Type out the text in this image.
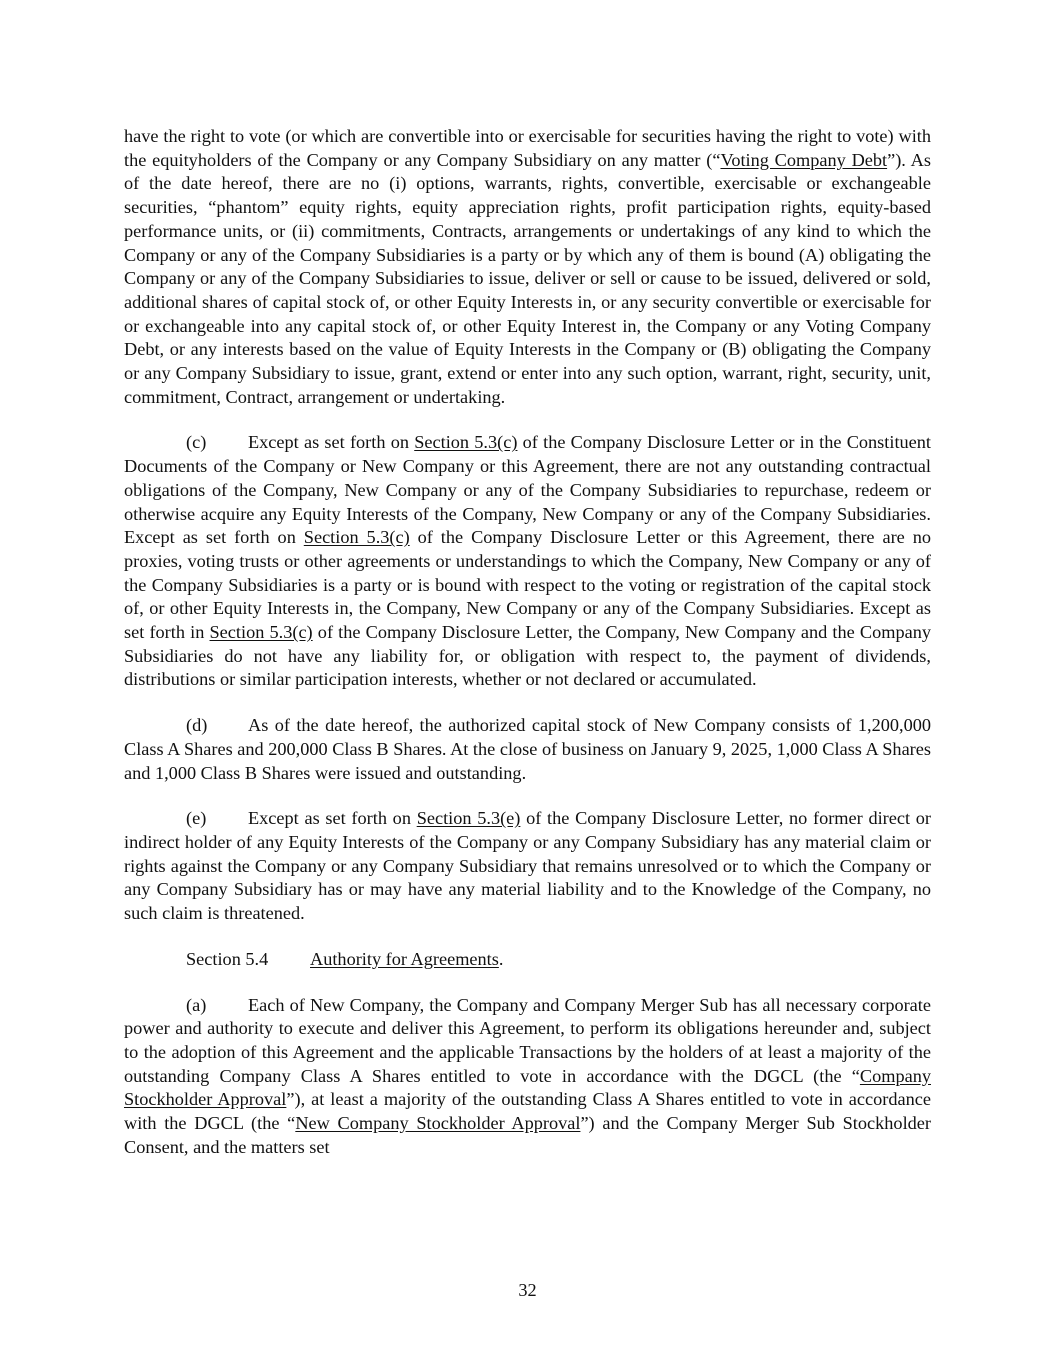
have the right to vote (or which are convertible into or exercisable for securities having the right to vote) with the equityholders of the Company or any Company Subsidiary on any matter (“Voting Company Debt”). As of the date hereof, there are no (i) options, warrants, rights, convertible, exercisable or exchangeable securities, “phantom” equity rights, equity appreciation rights, profit participation rights, equity-based performance units, or (ii) commitments, Contracts, arrangements or undertakings of any kind to which the Company or any of the Company Subsidiaries is a party or by which any of them is bound (A) obligating the Company or any of the Company Subsidiaries to issue, deliver or sell or cause to be issued, delivered or sold, additional shares of capital stock of, or other Equity Interests in, or any security convertible or exercisable for or exchangeable into any capital stock of, or other Equity Interest in, the Company or any Voting Company Debt, or any interests based on the value of Equity Interests in the Company or (B) obligating the Company or any Company Subsidiary to issue, grant, extend or enter into any such option, warrant, right, security, unit, commitment, Contract, arrangement or undertaking.

(c) Except as set forth on Section 5.3(c) of the Company Disclosure Letter or in the Constituent Documents of the Company or New Company or this Agreement, there are not any outstanding contractual obligations of the Company, New Company or any of the Company Subsidiaries to repurchase, redeem or otherwise acquire any Equity Interests of the Company, New Company or any of the Company Subsidiaries. Except as set forth on Section 5.3(c) of the Company Disclosure Letter or this Agreement, there are no proxies, voting trusts or other agreements or understandings to which the Company, New Company or any of the Company Subsidiaries is a party or is bound with respect to the voting or registration of the capital stock of, or other Equity Interests in, the Company, New Company or any of the Company Subsidiaries. Except as set forth in Section 5.3(c) of the Company Disclosure Letter, the Company, New Company and the Company Subsidiaries do not have any liability for, or obligation with respect to, the payment of dividends, distributions or similar participation interests, whether or not declared or accumulated.

(d) As of the date hereof, the authorized capital stock of New Company consists of 1,200,000 Class A Shares and 200,000 Class B Shares. At the close of business on January 9, 2025, 1,000 Class A Shares and 1,000 Class B Shares were issued and outstanding.

(e) Except as set forth on Section 5.3(e) of the Company Disclosure Letter, no former direct or indirect holder of any Equity Interests of the Company or any Company Subsidiary has any material claim or rights against the Company or any Company Subsidiary that remains unresolved or to which the Company or any Company Subsidiary has or may have any material liability and to the Knowledge of the Company, no such claim is threatened.

Section 5.4 Authority for Agreements.

(a) Each of New Company, the Company and Company Merger Sub has all necessary corporate power and authority to execute and deliver this Agreement, to perform its obligations hereunder and, subject to the adoption of this Agreement and the applicable Transactions by the holders of at least a majority of the outstanding Company Class A Shares entitled to vote in accordance with the DGCL (the “Company Stockholder Approval”), at least a majority of the outstanding Class A Shares entitled to vote in accordance with the DGCL (the “New Company Stockholder Approval”) and the Company Merger Sub Stockholder Consent, and the matters set

32
